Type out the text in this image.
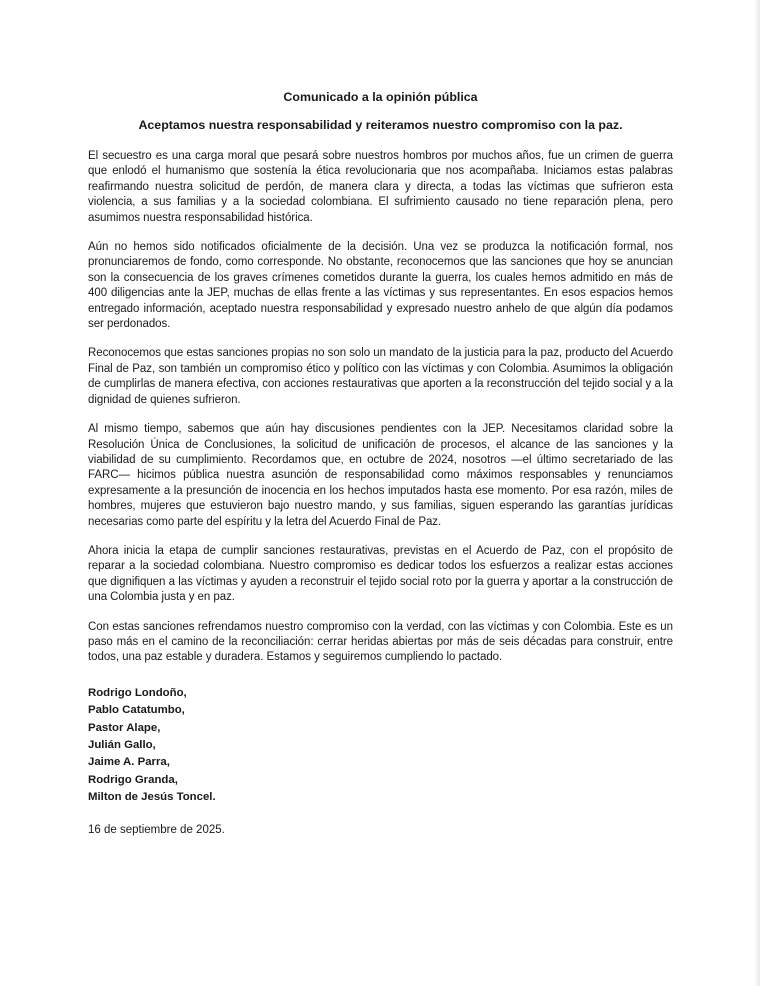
Comunicado a la opinión pública

Aceptamos nuestra responsabilidad y reiteramos nuestro compromiso con la paz.

El secuestro es una carga moral que pesará sobre nuestros hombros por muchos años, fue un crimen de guerra que enlodó el humanismo que sostenía la ética revolucionaria que nos acompañaba. Iniciamos estas palabras reafirmando nuestra solicitud de perdón, de manera clara y directa, a todas las víctimas que sufrieron esta violencia, a sus familias y a la sociedad colombiana. El sufrimiento causado no tiene reparación plena, pero asumimos nuestra responsabilidad histórica.

Aún no hemos sido notificados oficialmente de la decisión. Una vez se produzca la notificación formal, nos pronunciaremos de fondo, como corresponde. No obstante, reconocemos que las sanciones que hoy se anuncian son la consecuencia de los graves crímenes cometidos durante la guerra, los cuales hemos admitido en más de 400 diligencias ante la JEP, muchas de ellas frente a las víctimas y sus representantes. En esos espacios hemos entregado información, aceptado nuestra responsabilidad y expresado nuestro anhelo de que algún día podamos ser perdonados.

Reconocemos que estas sanciones propias no son solo un mandato de la justicia para la paz, producto del Acuerdo Final de Paz, son también un compromiso ético y político con las víctimas y con Colombia. Asumimos la obligación de cumplirlas de manera efectiva, con acciones restaurativas que aporten a la reconstrucción del tejido social y a la dignidad de quienes sufrieron.

Al mismo tiempo, sabemos que aún hay discusiones pendientes con la JEP. Necesitamos claridad sobre la Resolución Única de Conclusiones, la solicitud de unificación de procesos, el alcance de las sanciones y la viabilidad de su cumplimiento. Recordamos que, en octubre de 2024, nosotros —el último secretariado de las FARC— hicimos pública nuestra asunción de responsabilidad como máximos responsables y renunciamos expresamente a la presunción de inocencia en los hechos imputados hasta ese momento. Por esa razón, miles de hombres, mujeres que estuvieron bajo nuestro mando, y sus familias, siguen esperando las garantías jurídicas necesarias como parte del espíritu y la letra del Acuerdo Final de Paz.

Ahora inicia la etapa de cumplir sanciones restaurativas, previstas en el Acuerdo de Paz, con el propósito de reparar a la sociedad colombiana. Nuestro compromiso es dedicar todos los esfuerzos a realizar estas acciones que dignifiquen a las víctimas y ayuden a reconstruir el tejido social roto por la guerra y aportar a la construcción de una Colombia justa y en paz.

Con estas sanciones refrendamos nuestro compromiso con la verdad, con las víctimas y con Colombia. Este es un paso más en el camino de la reconciliación: cerrar heridas abiertas por más de seis décadas para construir, entre todos, una paz estable y duradera. Estamos y seguiremos cumpliendo lo pactado.

Rodrigo Londoño,

Pablo Catatumbo,

Pastor Alape,

Julián Gallo,

Jaime A. Parra,

Rodrigo Granda,

Milton de Jesús Toncel.

16 de septiembre de 2025.
